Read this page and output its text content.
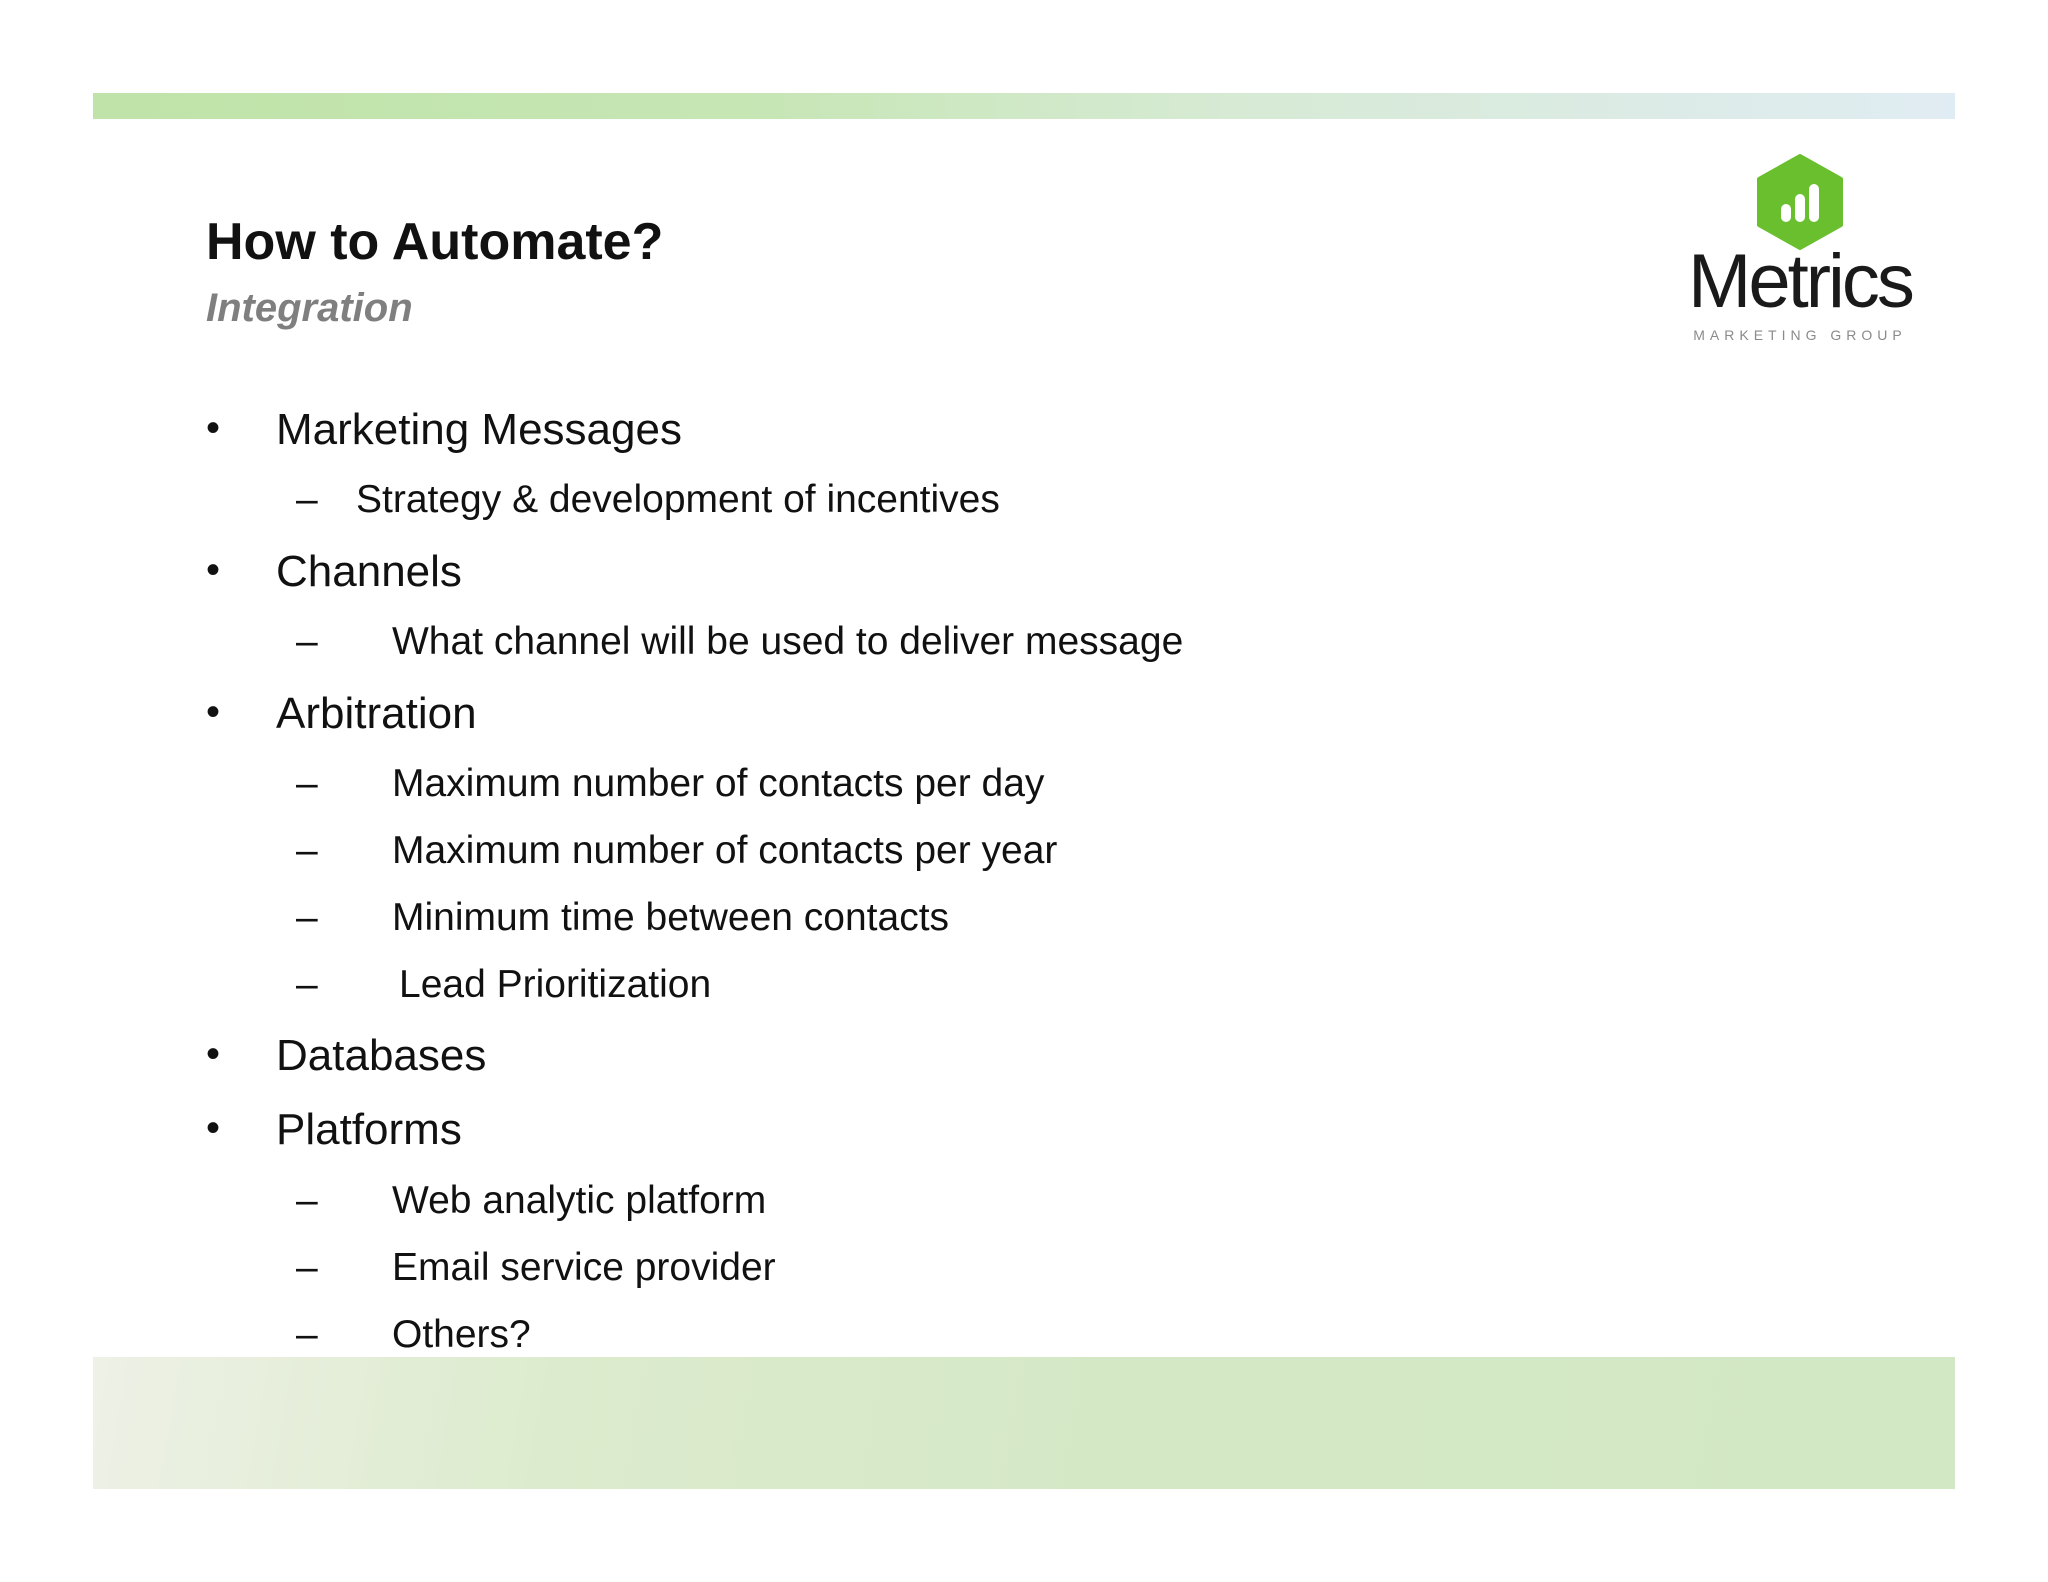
How to Automate?
Integration	Metrics
MARKETING GROUP
• Marketing Messages
– Strategy & development of incentives
• Channels
– What channel will be used to deliver message
• Arbitration
– Maximum number of contacts per day
– Maximum number of contacts per year
– Minimum time between contacts
– Lead Prioritization
• Databases
• Platforms
– Web analytic platform
– Email service provider
– Others?
